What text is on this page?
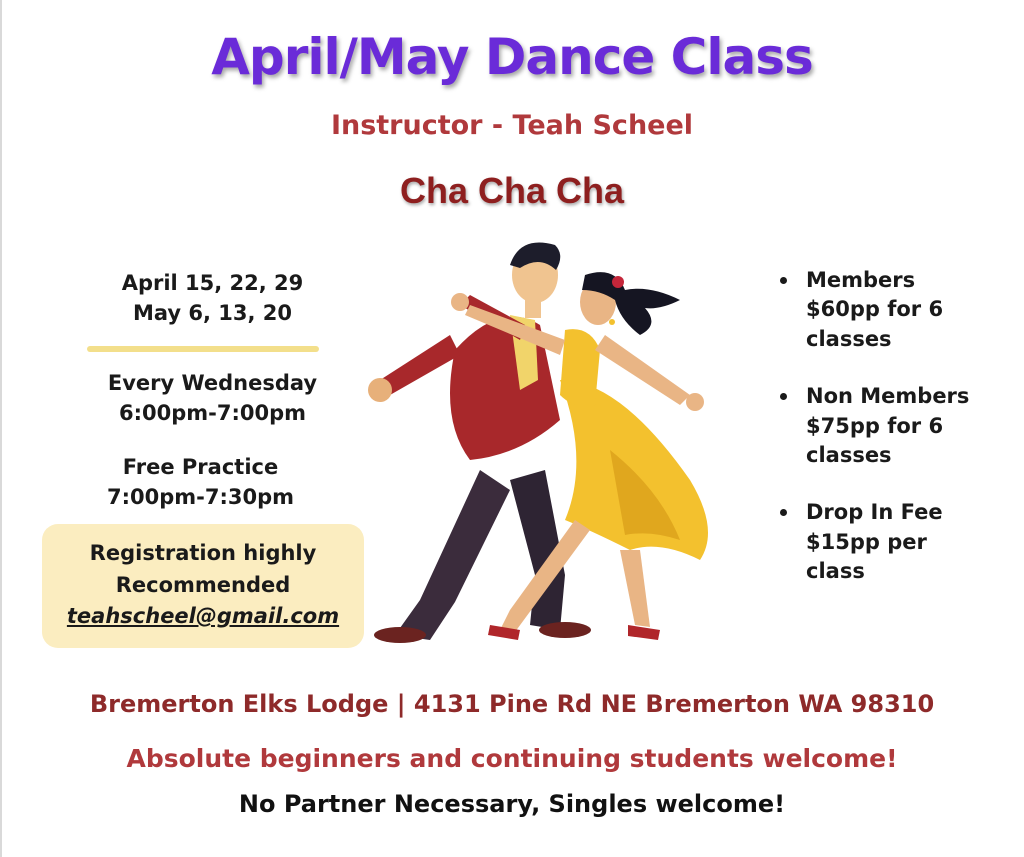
April/May Dance Class
Instructor - Teah Scheel
Cha Cha Cha
April 15, 22, 29
May 6, 13, 20
Every Wednesday
6:00pm-7:00pm
Free Practice
7:00pm-7:30pm
Registration highly
Recommended
teahscheel@gmail.com
Members
$60pp for 6
classes
Non Members
$75pp for 6
classes
Drop In Fee
$15pp per
class
Bremerton Elks Lodge | 4131 Pine Rd NE Bremerton WA 98310
Absolute beginners and continuing students welcome!
No Partner Necessary, Singles welcome!
